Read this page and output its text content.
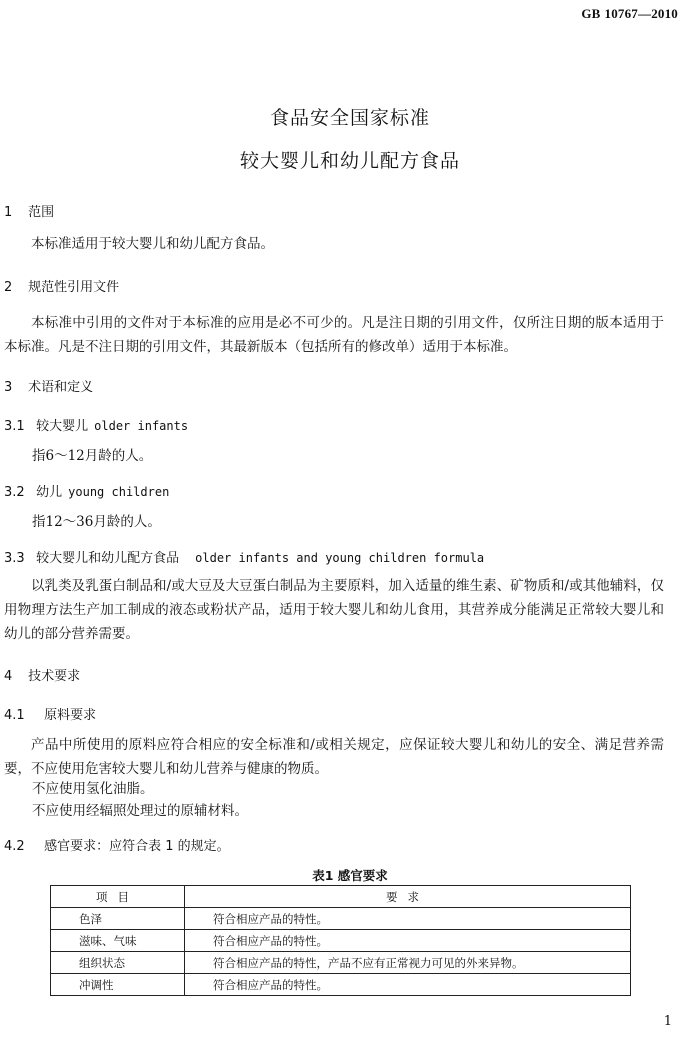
GB 10767—2010
食品安全国家标准
较大婴儿和幼儿配方食品
1 范围
本标准适用于较大婴儿和幼儿配方食品。
2 规范性引用文件
本标准中引用的文件对于本标准的应用是必不可少的。凡是注日期的引用文件，仅所注日期的版本适用于本标准。凡是不注日期的引用文件，其最新版本（包括所有的修改单）适用于本标准。
3 术语和定义
3.1 较大婴儿 older infants
指6～12月龄的人。
3.2 幼儿 young children
指12～36月龄的人。
3.3 较大婴儿和幼儿配方食品 older infants and young children formula
以乳类及乳蛋白制品和/或大豆及大豆蛋白制品为主要原料，加入适量的维生素、矿物质和/或其他辅料，仅用物理方法生产加工制成的液态或粉状产品，适用于较大婴儿和幼儿食用，其营养成分能满足正常较大婴儿和幼儿的部分营养需要。
4 技术要求
4.1 原料要求
产品中所使用的原料应符合相应的安全标准和/或相关规定，应保证较大婴儿和幼儿的安全、满足营养需要，不应使用危害较大婴儿和幼儿营养与健康的物质。
不应使用氢化油脂。
不应使用经辐照处理过的原辅材料。
4.2 感官要求：应符合表 1 的规定。
表1 感官要求
项目	要求
色泽	符合相应产品的特性。
滋味、气味	符合相应产品的特性。
组织状态	符合相应产品的特性，产品不应有正常视力可见的外来异物。
冲调性	符合相应产品的特性。
1
